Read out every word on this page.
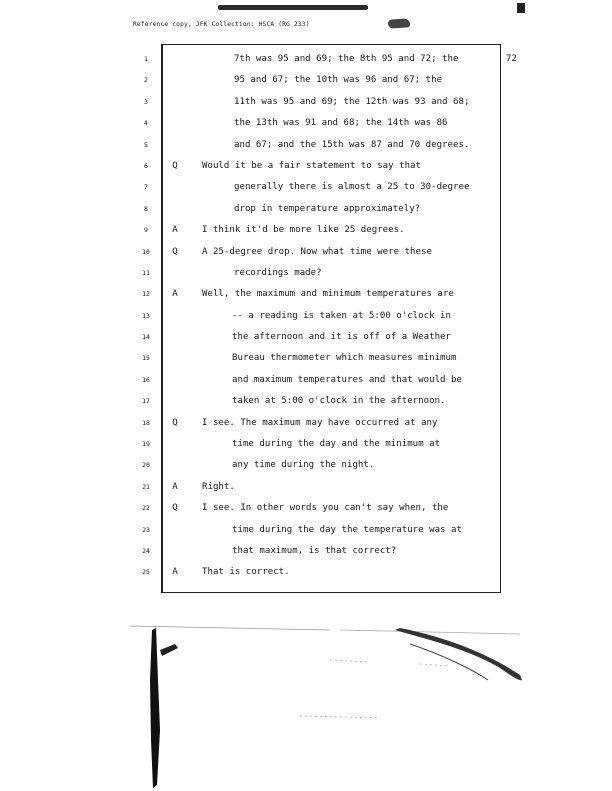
Reference copy, JFK Collection: HSCA (RG 233)
72
1
2
3
4
5
6
7
8
9
10
11
12
13
14
15
16
17
18
19
20
21
22
23
24
25
7th was 95 and 69; the 8th 95 and 72; the
95 and 67; the 10th was 96 and 67; the
11th was 95 and 69; the 12th was 93 and 68;
the 13th was 91 and 68; the 14th was 86
and 67; and the 15th was 87 and 70 degrees.
Q	Would it be a fair statement to say that
generally there is almost a 25 to 30-degree
drop in temperature approximately?
A	I think it'd be more like 25 degrees.
Q	A 25-degree drop. Now what time were these
recordings made?
A	Well, the maximum and minimum temperatures are
-- a reading is taken at 5:00 o'clock in
the afternoon and it is off of a Weather
Bureau thermometer which measures minimum
and maximum temperatures and that would be
taken at 5:00 o'clock in the afternoon.
Q	I see. The maximum may have occurred at any
time during the day and the minimum at
any time during the night.
A	Right.
Q	I see. In other words you can't say when, the
time during the day the temperature was at
that maximum, is that correct?
A	That is correct.
